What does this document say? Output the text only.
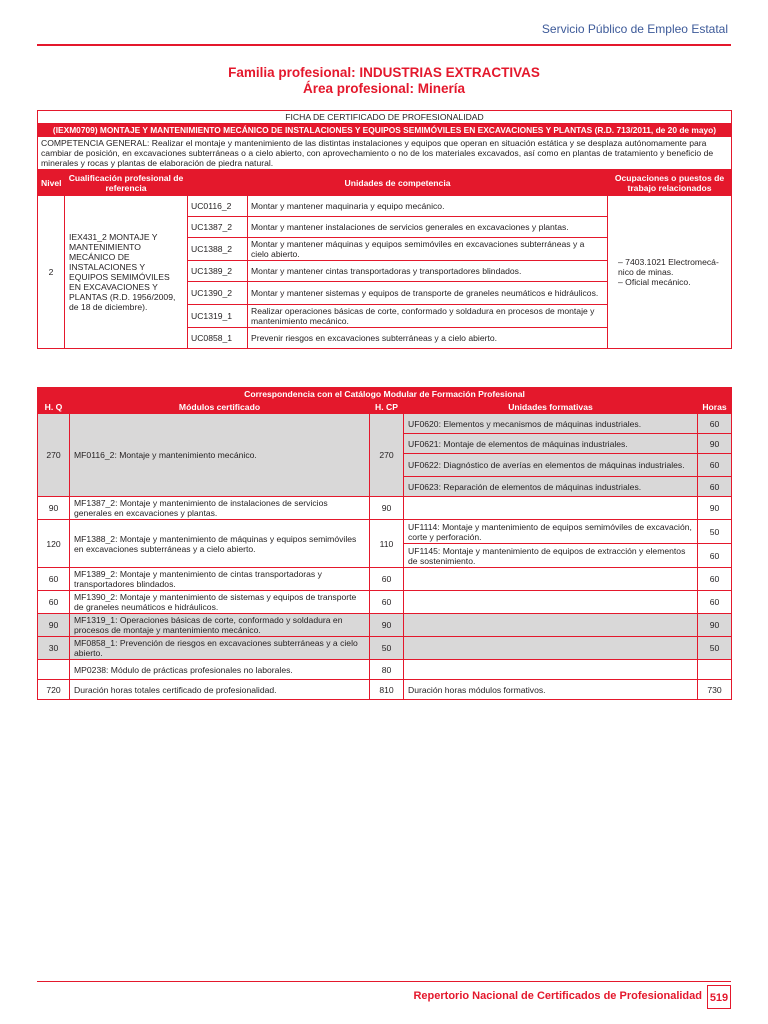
Servicio Público de Empleo Estatal
Familia profesional: INDUSTRIAS EXTRACTIVAS
Área profesional: Minería
FICHA DE CERTIFICADO DE PROFESIONALIDAD				
(IEXM0709) MONTAJE Y MANTENIMIENTO MECÁNICO DE INSTALACIONES Y EQUIPOS SEMIMÓVILES EN EXCAVACIONES Y PLANTAS (R.D. 713/2011, de 20 de mayo)				
COMPETENCIA GENERAL: Realizar el montaje y mantenimiento de las distintas instalaciones y equipos que operan en situación estática y se desplaza autónomamente para cambiar de posición, en excavaciones subterráneas o a cielo abierto, con aprovechamiento o no de los materiales excavados, así como en plantas de tratamiento y beneficio de minerales y rocas y plantas de elaboración de piedra natural.				
Nivel	Cualificación profesional de referencia	Unidades de competencia		Ocupaciones o puestos de trabajo relacionados
2	IEX431_2 MONTAJE Y MANTENIMIENTO MECÁNICO DE INSTALACIONES Y EQUIPOS SEMIMÓVILES EN EXCAVACIONES Y PLANTAS (R.D. 1956/2009, de 18 de diciembre).	UC0116_2	Montar y mantener maquinaria y equipo mecánico.	– 7403.1021 Electromecá-nico de minas.
– Oficial mecánico.

		UC1387_2	Montar y mantener instalaciones de servicios generales en excavaciones y plantas.	
		UC1388_2	Montar y mantener máquinas y equipos semimóviles en excavaciones subterráneas y a cielo abierto.	
		UC1389_2	Montar y mantener cintas transportadoras y transportadores blindados.	
		UC1390_2	Montar y mantener sistemas y equipos de transporte de graneles neumáticos e hidráulicos.	
		UC1319_1	Realizar operaciones básicas de corte, conformado y soldadura en procesos de montaje y mantenimiento mecánico.	
		UC0858_1	Prevenir riesgos en excavaciones subterráneas y a cielo abierto.	
Correspondencia con el Catálogo Modular de Formación Profesional				
H. Q	Módulos certificado	H. CP	Unidades formativas	Horas
270	MF0116_2: Montaje y mantenimiento mecánico.	270	UF0620: Elementos y mecanismos de máquinas industriales.	60
			UF0621: Montaje de elementos de máquinas industriales.	90
			UF0622: Diagnóstico de averías en elementos de máquinas industriales.	60
			UF0623: Reparación de elementos de máquinas industriales.	60
90	MF1387_2: Montaje y mantenimiento de instalaciones de servicios generales en excavaciones y plantas.	90		90
120	MF1388_2: Montaje y mantenimiento de máquinas y equipos semimóviles en excavaciones subterráneas y a cielo abierto.	110	UF1114: Montaje y mantenimiento de equipos semimóviles de excavación, corte y perforación.	50
			UF1145: Montaje y mantenimiento de equipos de extracción y elementos de sostenimiento.	60
60	MF1389_2: Montaje y mantenimiento de cintas transportadoras y transportadores blindados.	60		60
60	MF1390_2: Montaje y mantenimiento de sistemas y equipos de transporte de graneles neumáticos e hidráulicos.	60		60
90	MF1319_1: Operaciones básicas de corte, conformado y soldadura en procesos de montaje y mantenimiento mecánico.	90		90
30	MF0858_1: Prevención de riesgos en excavaciones subterráneas y a cielo abierto.	50		50
	MP0238: Módulo de prácticas profesionales no laborales.	80		
720	Duración horas totales certificado de profesionalidad.	810	Duración horas módulos formativos.	730
Repertorio Nacional de Certificados de Profesionalidad 519
